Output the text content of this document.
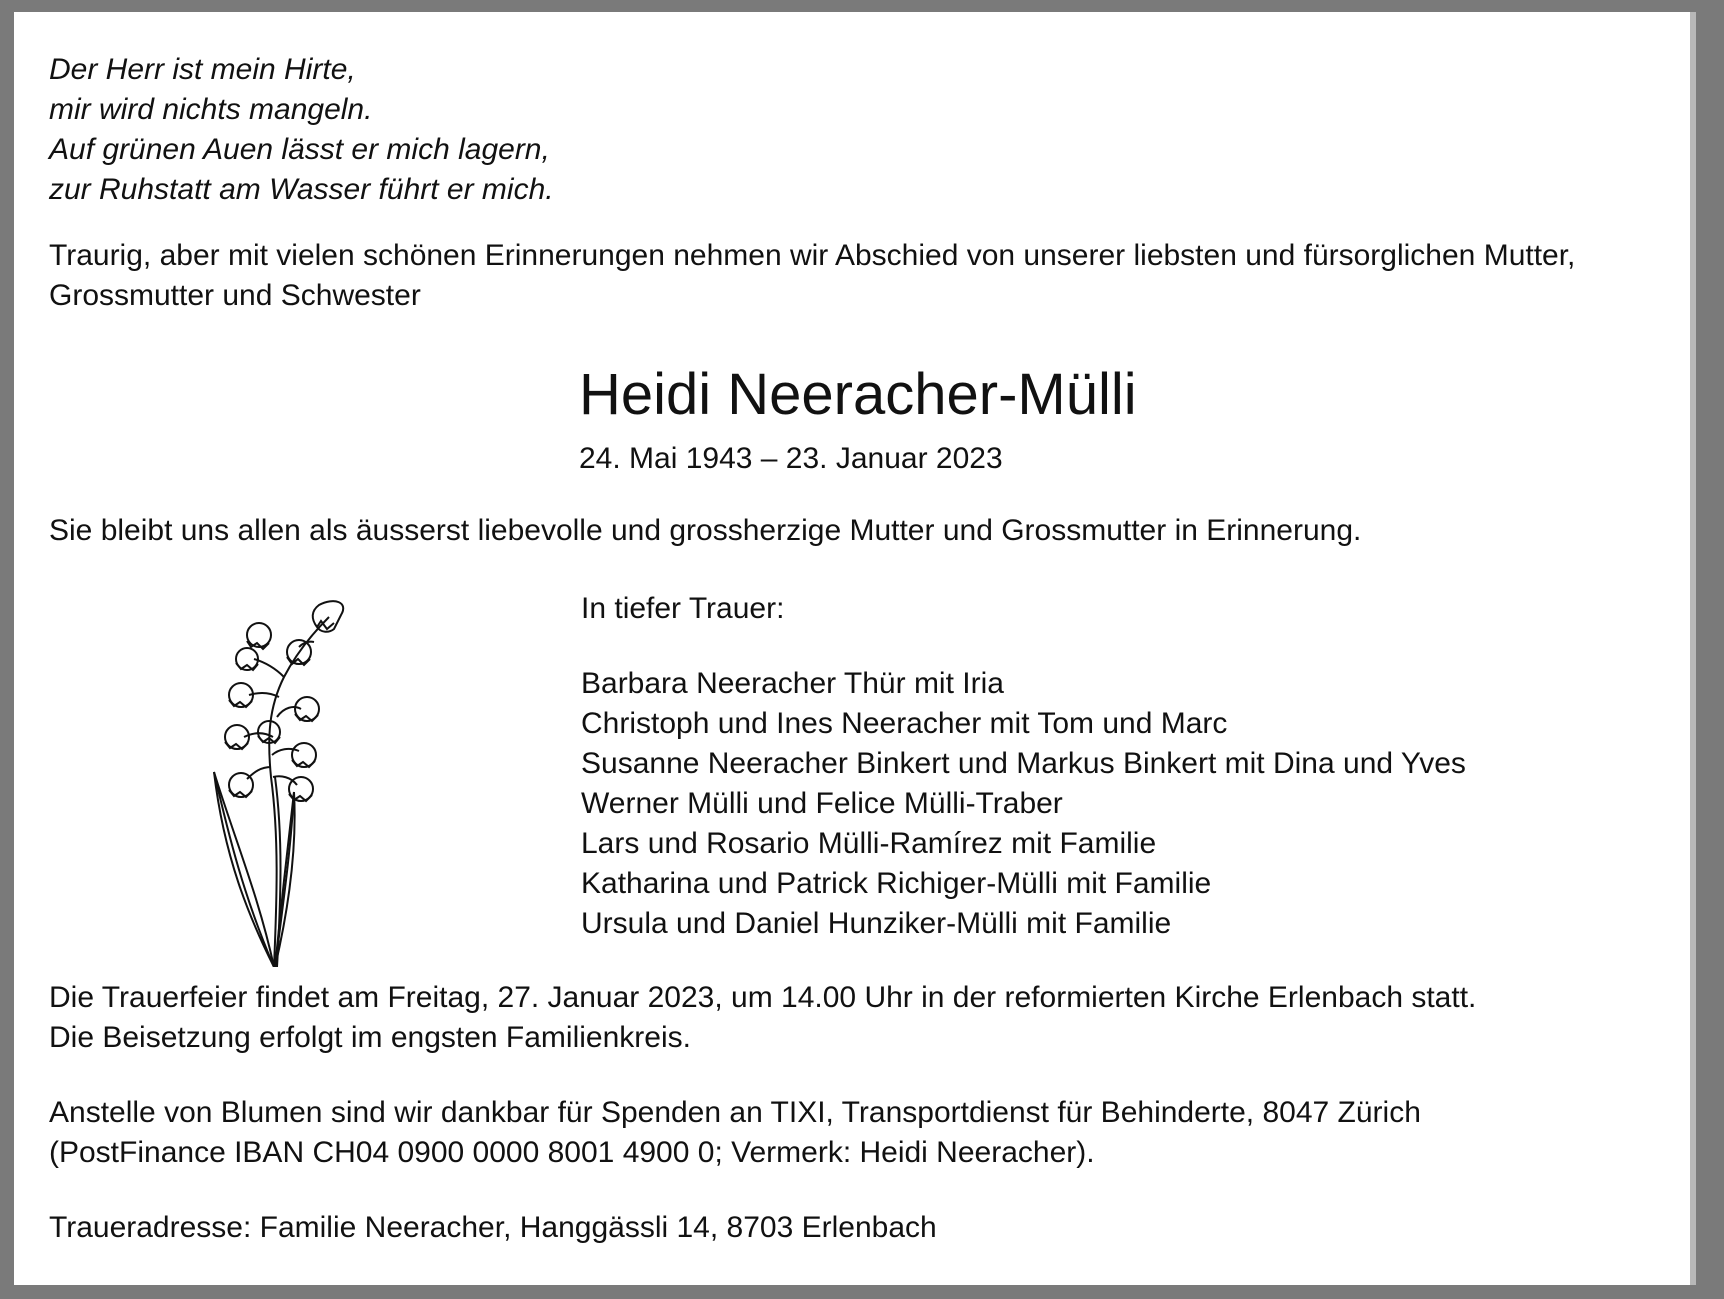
Der Herr ist mein Hirte,
mir wird nichts mangeln.
Auf grünen Auen lässt er mich lagern,
zur Ruhstatt am Wasser führt er mich.
Traurig, aber mit vielen schönen Erinnerungen nehmen wir Abschied von unserer liebsten und fürsorglichen Mutter, Grossmutter und Schwester
Heidi Neeracher-Mülli
24. Mai 1943 – 23. Januar 2023
Sie bleibt uns allen als äusserst liebevolle und grossherzige Mutter und Grossmutter in Erinnerung.
In tiefer Trauer:
Barbara Neeracher Thür mit Iria
Christoph und Ines Neeracher mit Tom und Marc
Susanne Neeracher Binkert und Markus Binkert mit Dina und Yves
Werner Mülli und Felice Mülli-Traber
Lars und Rosario Mülli-Ramírez mit Familie
Katharina und Patrick Richiger-Mülli mit Familie
Ursula und Daniel Hunziker-Mülli mit Familie
Die Trauerfeier findet am Freitag, 27. Januar 2023, um 14.00 Uhr in der reformierten Kirche Erlenbach statt.
Die Beisetzung erfolgt im engsten Familienkreis.
Anstelle von Blumen sind wir dankbar für Spenden an TIXI, Transportdienst für Behinderte, 8047 Zürich
(PostFinance IBAN CH04 0900 0000 8001 4900 0; Vermerk: Heidi Neeracher).
Traueradresse: Familie Neeracher, Hanggässli 14, 8703 Erlenbach
